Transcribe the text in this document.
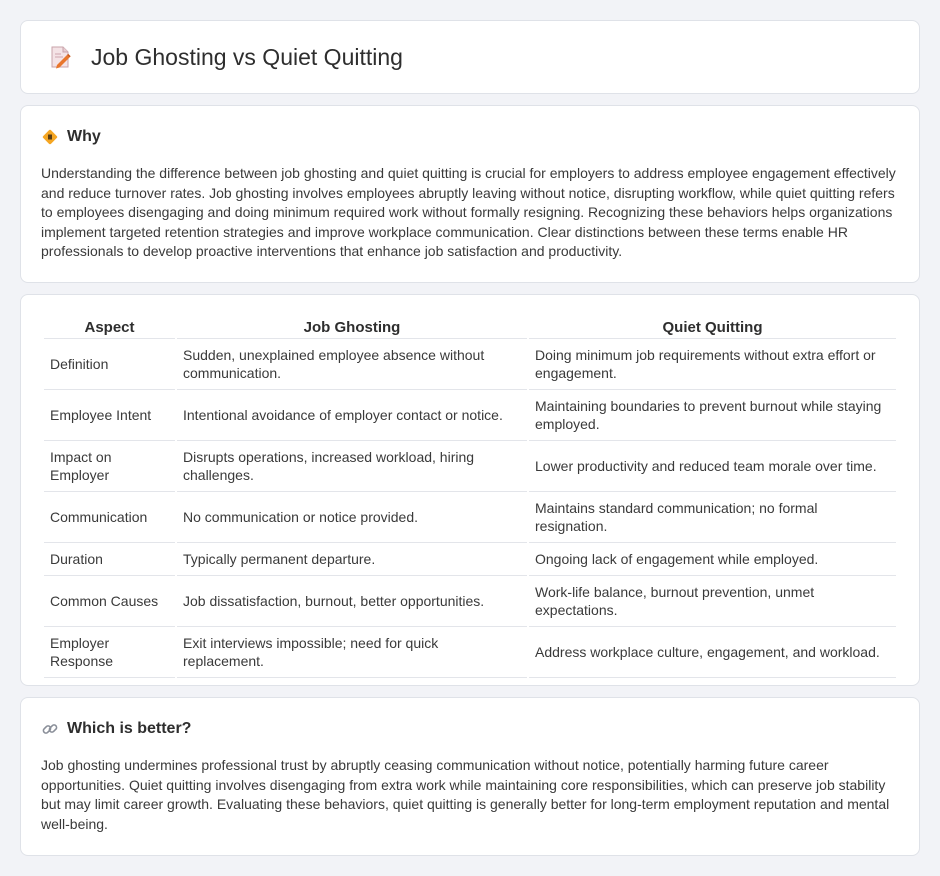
Job Ghosting vs Quiet Quitting
Why

Understanding the difference between job ghosting and quiet quitting is crucial for employers to address employee engagement effectively and reduce turnover rates. Job ghosting involves employees abruptly leaving without notice, disrupting workflow, while quiet quitting refers to employees disengaging and doing minimum required work without formally resigning. Recognizing these behaviors helps organizations implement targeted retention strategies and improve workplace communication. Clear distinctions between these terms enable HR professionals to develop proactive interventions that enhance job satisfaction and productivity.

Aspect	Job Ghosting	Quiet Quitting
Definition	Sudden, unexplained employee absence without communication.	Doing minimum job requirements without extra effort or engagement.
Employee Intent	Intentional avoidance of employer contact or notice.	Maintaining boundaries to prevent burnout while staying employed.
Impact on Employer	Disrupts operations, increased workload, hiring challenges.	Lower productivity and reduced team morale over time.
Communication	No communication or notice provided.	Maintains standard communication; no formal resignation.
Duration	Typically permanent departure.	Ongoing lack of engagement while employed.
Common Causes	Job dissatisfaction, burnout, better opportunities.	Work-life balance, burnout prevention, unmet expectations.
Employer Response	Exit interviews impossible; need for quick replacement.	Address workplace culture, engagement, and workload.
Which is better?

Job ghosting undermines professional trust by abruptly ceasing communication without notice, potentially harming future career opportunities. Quiet quitting involves disengaging from extra work while maintaining core responsibilities, which can preserve job stability but may limit career growth. Evaluating these behaviors, quiet quitting is generally better for long-term employment reputation and mental well-being.
